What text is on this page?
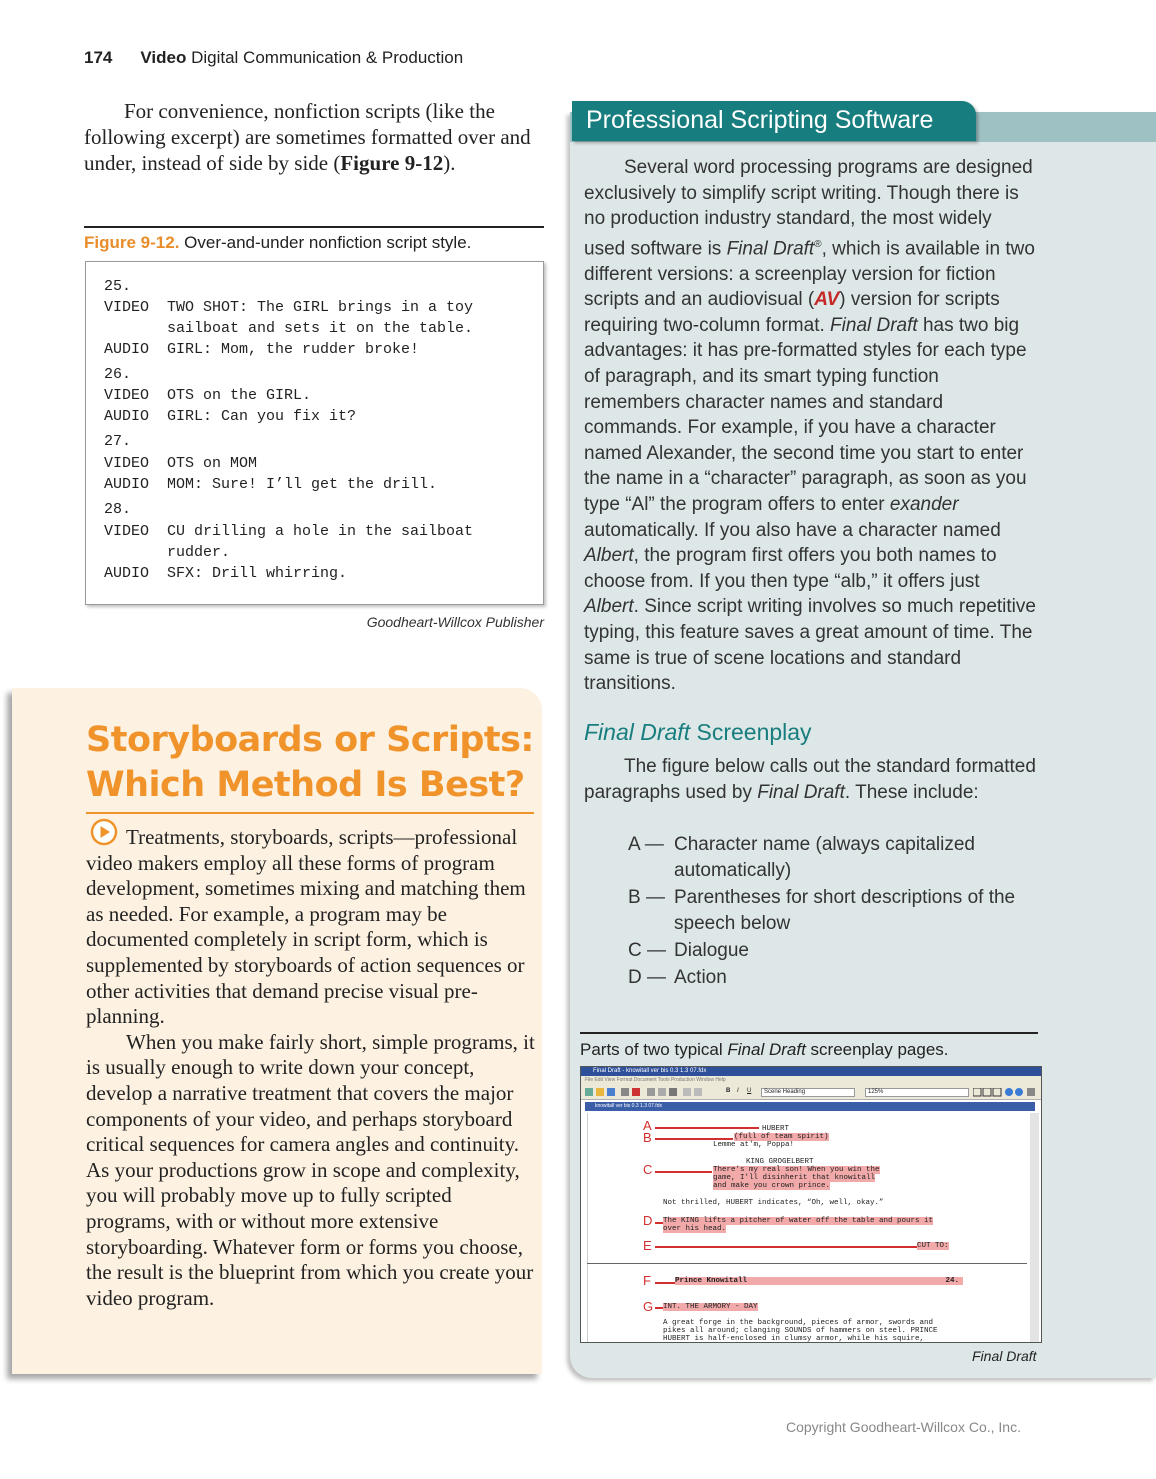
174 Video Digital Communication & Production

For convenience, nonfiction scripts (like the following excerpt) are sometimes formatted over and under, instead of side by side (Figure 9-12).

Figure 9-12. Over-and-under nonfiction script style.
25.
VIDEO  TWO SHOT: The GIRL brings in a toy
sailboat and sets it on the table.
AUDIO  GIRL: Mom, the rudder broke!
26.
VIDEO  OTS on the GIRL.
AUDIO  GIRL: Can you fix it?
27.
VIDEO  OTS on MOM
AUDIO  MOM: Sure! I’ll get the drill.
28.
VIDEO  CU drilling a hole in the sailboat
rudder.
AUDIO  SFX: Drill whirring.
Goodheart-Willcox Publisher
Storyboards or Scripts:
Which Method Is Best?

Treatments, storyboards, scripts—professional video makers employ all these forms of program development, sometimes mixing and matching them as needed. For example, a program may be documented completely in script form, which is supplemented by storyboards of action sequences or other activities that demand precise visual pre-planning.

When you make fairly short, simple programs, it is usually enough to write down your concept, develop a narrative treatment that covers the major components of your video, and perhaps storyboard critical sequences for camera angles and continuity. As your productions grow in scope and complexity, you will probably move up to fully scripted programs, with or without more extensive storyboarding. Whatever form or forms you choose, the result is the blueprint from which you create your video program.

Professional Scripting Software

Several word processing programs are designed exclusively to simplify script writing. Though there is no production industry standard, the most widely used software is Final Draft®, which is available in two different versions: a screenplay version for fiction scripts and an audiovisual (AV) version for scripts requiring two-column format. Final Draft has two big advantages: it has pre-formatted styles for each type of paragraph, and its smart typing function remembers character names and standard commands. For example, if you have a character named Alexander, the second time you start to enter the name in a “character” paragraph, as soon as you type “Al” the program offers to enter exander automatically. If you also have a character named Albert, the program first offers you both names to choose from. If you then type “alb,” it offers just Albert. Since script writing involves so much repetitive typing, this feature saves a great amount of time. The same is true of scene locations and standard transitions.

Final Draft Screenplay

The figure below calls out the standard formatted paragraphs used by Final Draft. These include:

A — Character name (always capitalized automatically)
B — Parentheses for short descriptions of the speech below
C — Dialogue
D — Action
Parts of two typical Final Draft screenplay pages.
Final Draft - knowitall ver bis 0.3 1.3 07.fdx
File Edit View Format Document Tools Production Window Help
B I U	Scene Heading	125%
knowitall ver bis 0.3 1.3 07.fdx
HUBERT
(full of team spirit)
Lemme at'm, Poppa!
KING GROGELBERT
There's my real son! When you win the
game, I'll disinherit that knowitall
and make you crown prince.
Not thrilled, HUBERT indicates, “Oh, well, okay.”
The KING lifts a pitcher of water off the table and pours it
over his head.
CUT TO:
Prince Knowitall	24.
INT. THE ARMORY - DAY
A great forge in the background, pieces of armor, swords and
pikes all around; clanging SOUNDS of hammers on steel. PRINCE
HUBERT is half-enclosed in clumsy armor, while his squire,
A
B
C
D
E
F
G
Final Draft
Copyright Goodheart-Willcox Co., Inc.
